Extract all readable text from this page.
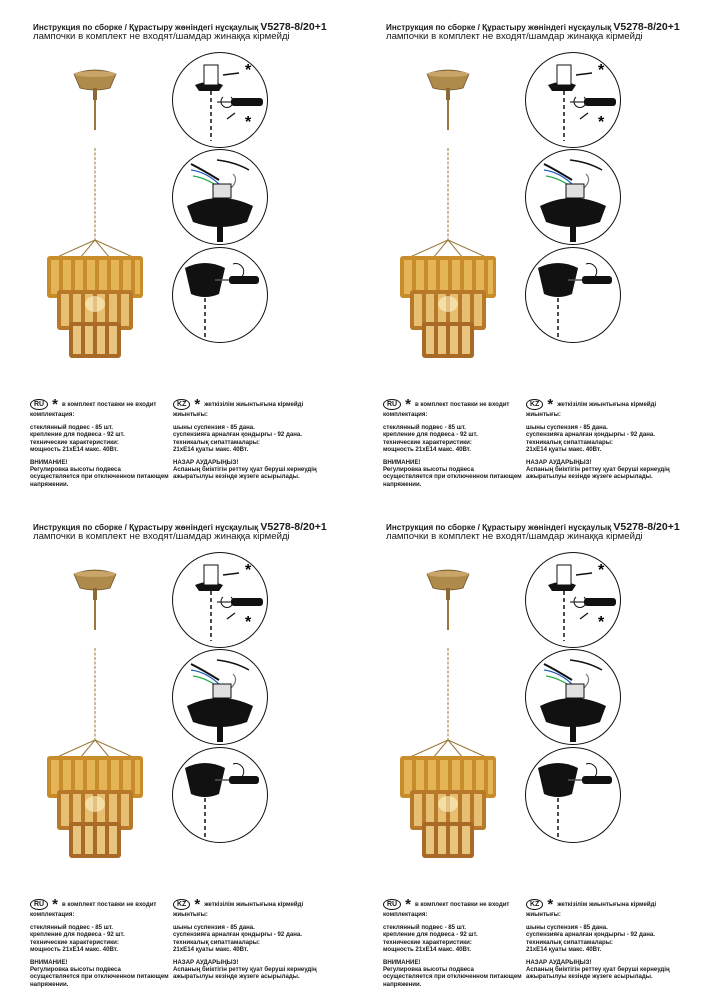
Инструкция по сборке / Құрастыру жөніндегі нұсқаулық V5278-8/20+1
лампочки в комплект не входят/шамдар жинаққа кірмейді
*
*
RU * в комплект поставки не входит
комплектация:
стеклянный подвес - 85 шт.
крепление для подвеса - 92 шт.
технические характеристики:
мощность 21xE14 макс. 40Вт.
ВНИМАНИЕ!
Регулировка высоты подвеса осуществляется при отключенном питающем напряжении.
KZ * жеткізілім жиынтығына кірмейді
жиынтығы:
шыны суспензия - 85 дана.
суспензияға арналған қондырғы - 92 дана.
техникалық сипаттамалары:
21xE14 қуаты макс. 40Вт.
НАЗАР АУДАРЫҢЫЗ!
Аспаның биіктігін реттеу қуат беруші кернеудің ажыратылуы кезінде жүзеге асырылады.
Инструкция по сборке / Құрастыру жөніндегі нұсқаулық V5278-8/20+1
лампочки в комплект не входят/шамдар жинаққа кірмейді
*
*
RU * в комплект поставки не входит
комплектация:
стеклянный подвес - 85 шт.
крепление для подвеса - 92 шт.
технические характеристики:
мощность 21xE14 макс. 40Вт.
ВНИМАНИЕ!
Регулировка высоты подвеса осуществляется при отключенном питающем напряжении.
KZ * жеткізілім жиынтығына кірмейді
жиынтығы:
шыны суспензия - 85 дана.
суспензияға арналған қондырғы - 92 дана.
техникалық сипаттамалары:
21xE14 қуаты макс. 40Вт.
НАЗАР АУДАРЫҢЫЗ!
Аспаның биіктігін реттеу қуат беруші кернеудің ажыратылуы кезінде жүзеге асырылады.
Инструкция по сборке / Құрастыру жөніндегі нұсқаулық V5278-8/20+1
лампочки в комплект не входят/шамдар жинаққа кірмейді
*
*
RU * в комплект поставки не входит
комплектация:
стеклянный подвес - 85 шт.
крепление для подвеса - 92 шт.
технические характеристики:
мощность 21xE14 макс. 40Вт.
ВНИМАНИЕ!
Регулировка высоты подвеса осуществляется при отключенном питающем напряжении.
KZ * жеткізілім жиынтығына кірмейді
жиынтығы:
шыны суспензия - 85 дана.
суспензияға арналған қондырғы - 92 дана.
техникалық сипаттамалары:
21xE14 қуаты макс. 40Вт.
НАЗАР АУДАРЫҢЫЗ!
Аспаның биіктігін реттеу қуат беруші кернеудің ажыратылуы кезінде жүзеге асырылады.
Инструкция по сборке / Құрастыру жөніндегі нұсқаулық V5278-8/20+1
лампочки в комплект не входят/шамдар жинаққа кірмейді
*
*
RU * в комплект поставки не входит
комплектация:
стеклянный подвес - 85 шт.
крепление для подвеса - 92 шт.
технические характеристики:
мощность 21xE14 макс. 40Вт.
ВНИМАНИЕ!
Регулировка высоты подвеса осуществляется при отключенном питающем напряжении.
KZ * жеткізілім жиынтығына кірмейді
жиынтығы:
шыны суспензия - 85 дана.
суспензияға арналған қондырғы - 92 дана.
техникалық сипаттамалары:
21xE14 қуаты макс. 40Вт.
НАЗАР АУДАРЫҢЫЗ!
Аспаның биіктігін реттеу қуат беруші кернеудің ажыратылуы кезінде жүзеге асырылады.
